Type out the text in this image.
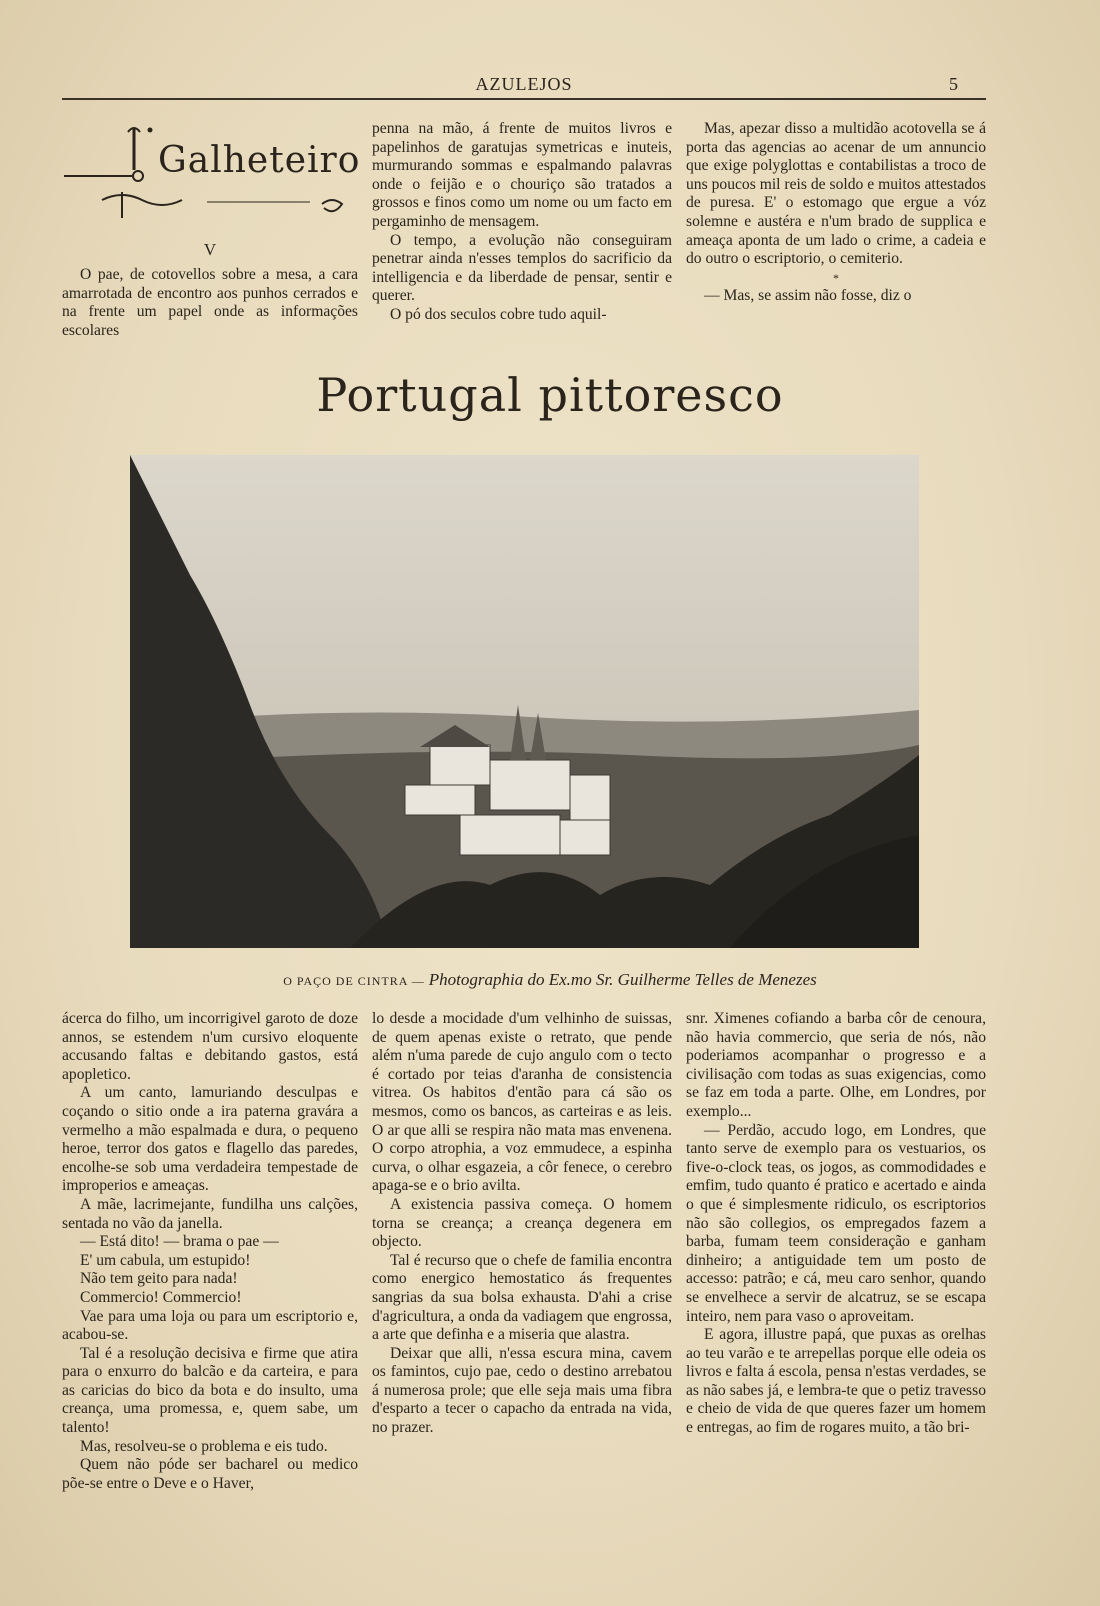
AZULEJOS	5
Galheteiro
V

O pae, de cotovellos sobre a mesa, a cara amarrotada de encontro aos punhos cerrados e na frente um papel onde as informações escolares

penna na mão, á frente de muitos livros e papelinhos de garatujas symetricas e inuteis, murmurando sommas e espalmando palavras onde o feijão e o chouriço são tratados a grossos e finos como um nome ou um facto em pergaminho de mensagem.

O tempo, a evolução não conseguiram penetrar ainda n'esses templos do sacrificio da intelligencia e da liberdade de pensar, sentir e querer.

O pó dos seculos cobre tudo aquil-

Mas, apezar disso a multidão acotovella se á porta das agencias ao acenar de um annuncio que exige polyglottas e contabilistas a troco de uns poucos mil reis de soldo e muitos attestados de puresa. E' o estomago que ergue a vóz solemne e austéra e n'um brado de supplica e ameaça aponta de um lado o crime, a cadeia e do outro o escriptorio, o cemiterio.

*

— Mas, se assim não fosse, diz o

Portugal pittoresco
O PAÇO DE CINTRA — Photographia do Ex.mo Sr. Guilherme Telles de Menezes

ácerca do filho, um incorrigivel garoto de doze annos, se estendem n'um cursivo eloquente accusando faltas e debitando gastos, está apopletico.

A um canto, lamuriando desculpas e coçando o sitio onde a ira paterna gravára a vermelho a mão espalmada e dura, o pequeno heroe, terror dos gatos e flagello das paredes, encolhe-se sob uma verdadeira tempestade de improperios e ameaças.

A mãe, lacrimejante, fundilha uns calções, sentada no vão da janella.

— Está dito! — brama o pae —

E' um cabula, um estupido!

Não tem geito para nada!

Commercio! Commercio!

Vae para uma loja ou para um escriptorio e, acabou-se.

Tal é a resolução decisiva e firme que atira para o enxurro do balcão e da carteira, e para as caricias do bico da bota e do insulto, uma creança, uma promessa, e, quem sabe, um talento!

Mas, resolveu-se o problema e eis tudo.

Quem não póde ser bacharel ou medico põe-se entre o Deve e o Haver,

lo desde a mocidade d'um velhinho de suissas, de quem apenas existe o retrato, que pende além n'uma parede de cujo angulo com o tecto é cortado por teias d'aranha de consistencia vitrea. Os habitos d'então para cá são os mesmos, como os bancos, as carteiras e as leis. O ar que alli se respira não mata mas envenena. O corpo atrophia, a voz emmudece, a espinha curva, o olhar esgazeia, a côr fenece, o cerebro apaga-se e o brio avilta.

A existencia passiva começa. O homem torna se creança; a creança degenera em objecto.

Tal é recurso que o chefe de familia encontra como energico hemostatico ás frequentes sangrias da sua bolsa exhausta. D'ahi a crise d'agricultura, a onda da vadiagem que engrossa, a arte que definha e a miseria que alastra.

Deixar que alli, n'essa escura mina, cavem os famintos, cujo pae, cedo o destino arrebatou á numerosa prole; que elle seja mais uma fibra d'esparto a tecer o capacho da entrada na vida, no prazer.

snr. Ximenes cofiando a barba côr de cenoura, não havia commercio, que seria de nós, não poderiamos acompanhar o progresso e a civilisação com todas as suas exigencias, como se faz em toda a parte. Olhe, em Londres, por exemplo...

— Perdão, accudo logo, em Londres, que tanto serve de exemplo para os vestuarios, os five-o-clock teas, os jogos, as commodidades e emfim, tudo quanto é pratico e acertado e ainda o que é simplesmente ridiculo, os escriptorios não são collegios, os empregados fazem a barba, fumam teem consideração e ganham dinheiro; a antiguidade tem um posto de accesso: patrão; e cá, meu caro senhor, quando se envelhece a servir de alcatruz, se se escapa inteiro, nem para vaso o aproveitam.

E agora, illustre papá, que puxas as orelhas ao teu varão e te arrepellas porque elle odeia os livros e falta á escola, pensa n'estas verdades, se as não sabes já, e lembra-te que o petiz travesso e cheio de vida de que queres fazer um homem e entregas, ao fim de rogares muito, a tão bri-
